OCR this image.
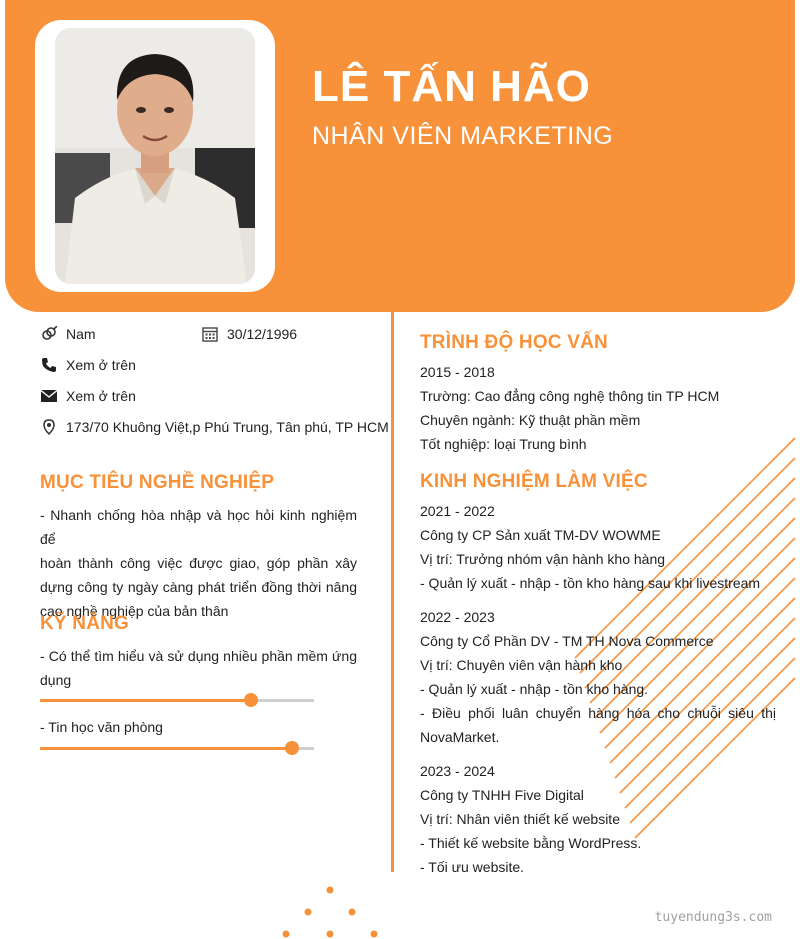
LÊ TẤN HÃO
NHÂN VIÊN MARKETING
Nam	30/12/1996
Xem ở trên
Xem ở trên
173/70 Khuông Việt,p Phú Trung, Tân phú, TP HCM
MỤC TIÊU NGHỀ NGHIỆP
- Nhanh chống hòa nhập và học hỏi kinh nghiệm để
hoàn thành công việc được giao, góp phần xây
dựng công ty ngày càng phát triển đồng thời nâng
cao nghề nghiệp của bản thân
KỸ NĂNG
- Có thể tìm hiểu và sử dụng nhiều phần mềm ứng
dụng
- Tin học văn phòng
TRÌNH ĐỘ HỌC VẤN
2015 - 2018
Trường: Cao đẳng công nghệ thông tin TP HCM
Chuyên ngành: Kỹ thuật phần mềm
Tốt nghiệp: loại Trung bình
KINH NGHIỆM LÀM VIỆC
2021 - 2022
Công ty CP Sản xuất TM-DV WOWME
Vị trí: Trưởng nhóm vận hành kho hàng
- Quản lý xuất - nhập - tồn kho hàng sau khi livestream
2022 - 2023
Công ty Cổ Phần DV - TM TH Nova Commerce
Vị trí: Chuyên viên vận hành kho
- Quản lý xuất - nhập - tồn kho hàng.
- Điều phối luân chuyển hàng hóa cho chuỗi siêu thị
NovaMarket.
2023 - 2024
Công ty TNHH Five Digital
Vị trí: Nhân viên thiết kế website
- Thiết kế website bằng WordPress.
- Tối ưu website.
tuyendung3s.com
